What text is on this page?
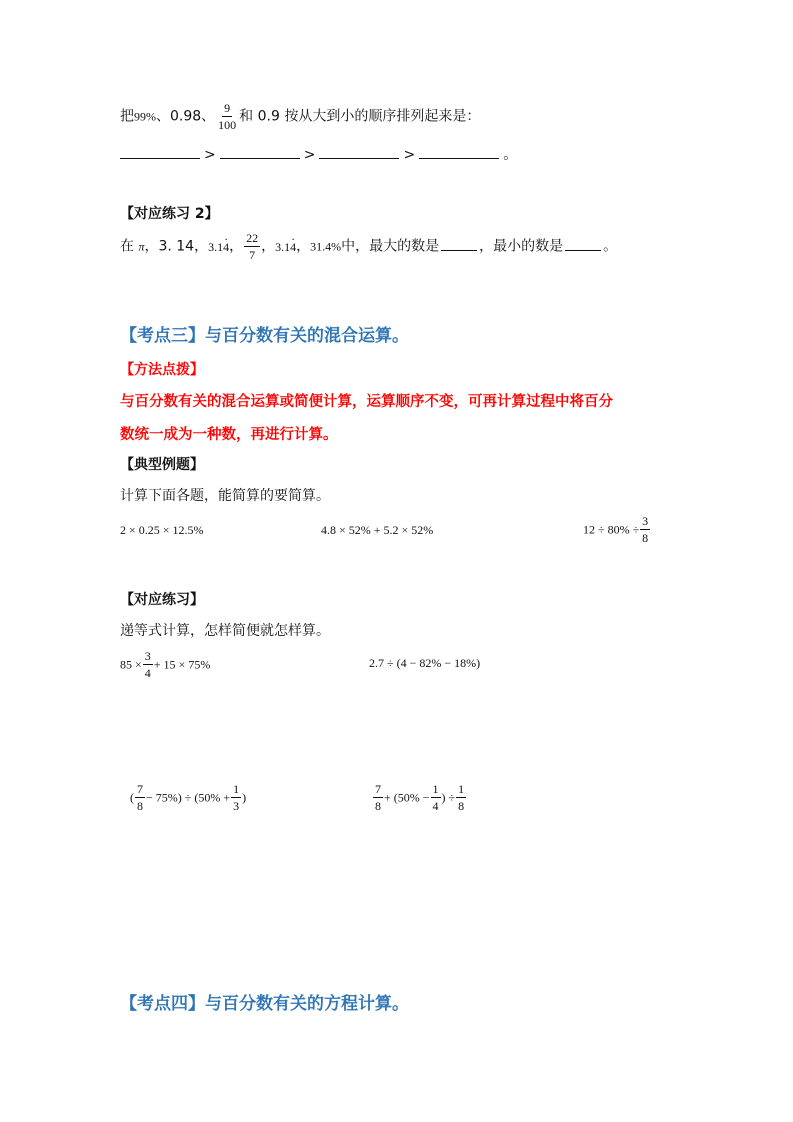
把99%、0.98、 $\frac{9}{100}$ 和 0.9 按从大到小的顺序排列起来是：
>	>	>	。
【对应练习 2】
在 π，3. 14，3.14 ·， $\frac{22}{7}$ ，3.14 ·，31.4%中，最大的数是	，最小的数是	。
【考点三】与百分数有关的混合运算。
【方法点拨】
与百分数有关的混合运算或简便计算，运算顺序不变，可再计算过程中将百分
数统一成为一种数，再进行计算。
【典型例题】
计算下面各题，能简算的要简算。
2 × 0.25 × 12.5%	4.8 × 52% + 5.2 × 52%	$12 \div 80\% \div \frac{3}{8}$
【对应练习】
递等式计算，怎样简便就怎样算。
$85 \times \frac{3}{4} + 15 \times 75\%$	2.7 ÷ (4 − 82% − 18%)
( $\frac{7}{8} - 75\%) \div (50\% + \frac{1}{3}$ )	$\frac{7}{8} + (50\% - \frac{1}{4}$ ) ÷ $\frac{1}{8}$
【考点四】与百分数有关的方程计算。
